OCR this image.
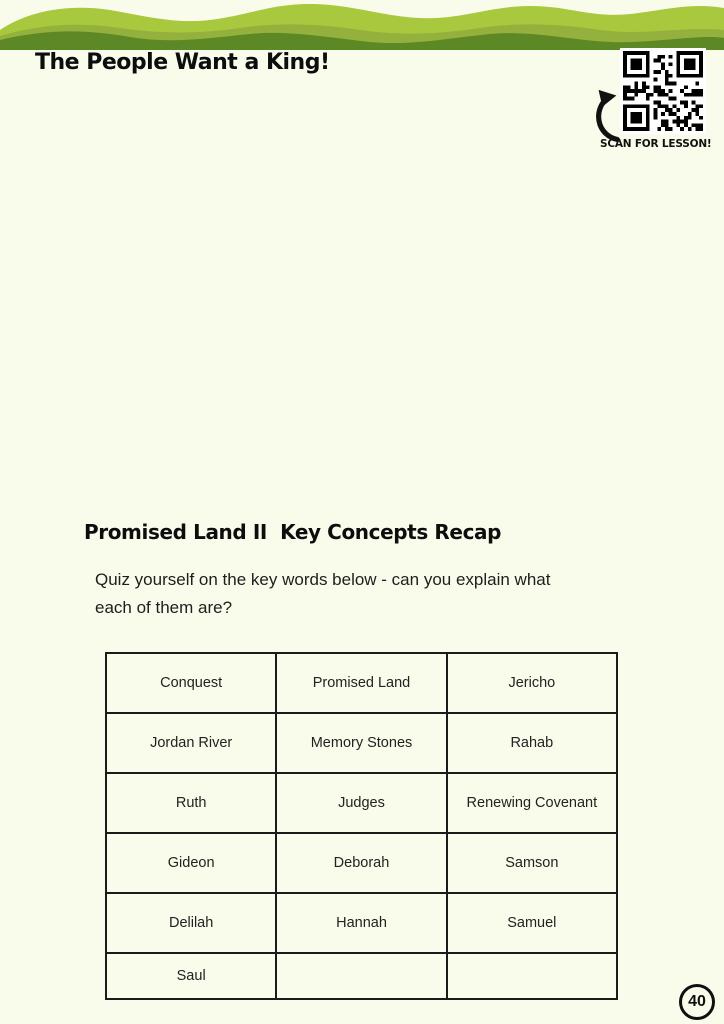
The People Want a King!
SCAN FOR LESSON!
Promised Land II  Key Concepts Recap
Quiz yourself on the key words below - can you explain what
each of them are?
Conquest	Promised Land	Jericho
Jordan River	Memory Stones	Rahab
Ruth	Judges	Renewing Covenant
Gideon	Deborah	Samson
Delilah	Hannah	Samuel
Saul		
40
